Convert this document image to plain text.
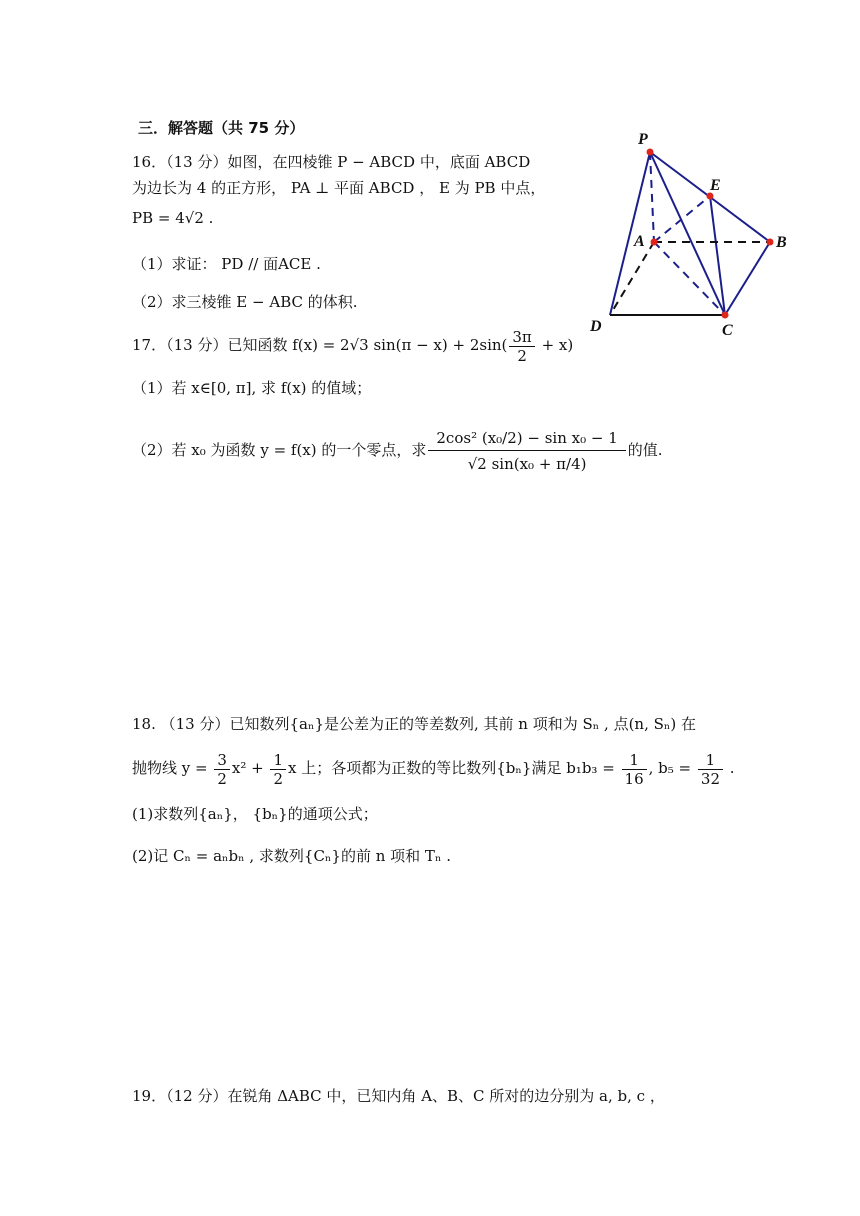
三．解答题（共 75 分）
16．（13 分）如图，在四棱锥 P − ABCD 中，底面 ABCD
为边长为 4 的正方形， PA ⊥ 平面 ABCD ， E 为 PB 中点，
PB = 4√2 .
（1）求证： PD // 面ACE .
（2）求三棱锥 E − ABC 的体积.
P
E
A	B
D	C
17．（13 分）已知函数 f(x) = 2√3 $\sin(\pi - x) + 2\sin( \frac{3\pi}{2} + x)$
（1）若 x∈[0, π], 求 f(x) 的值域；
（2）若 x₀ 为函数 y = f(x) 的一个零点，求 $\frac{\text{2cos² (x₀/2) − sin x₀ − 1}}{\text{√2 sin(x₀ + π/4)}}$ 的值.
18. （13 分）已知数列{aₙ}是公差为正的等差数列, 其前 n 项和为 Sₙ , 点(n, Sₙ) 在
抛物线 $y = \frac{3}{2} x^2 + \frac{1}{2}$ x 上；各项都为正数的等比数列{bₙ}满足 $b_1b_3 = \frac{1}{16}$ , $b_5 = \frac{1}{32}$ .
(1)求数列{aₙ}， {bₙ}的通项公式；
(2)记 Cₙ = aₙbₙ , 求数列{Cₙ}的前 n 项和 Tₙ .
19．（12 分）在锐角 ΔABC 中，已知内角 A、B、C 所对的边分别为 a, b, c ，
